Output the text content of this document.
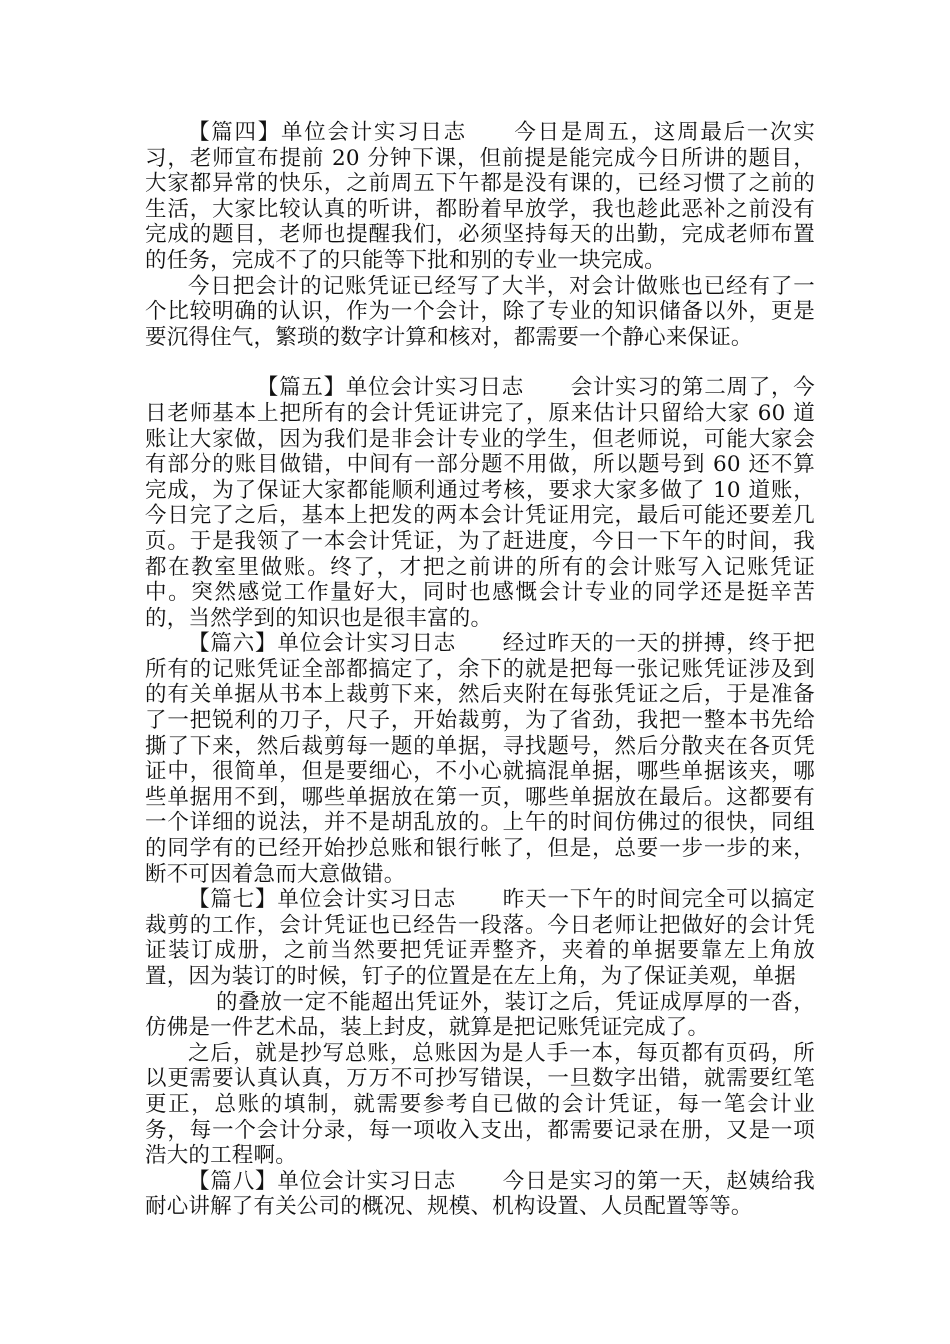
【篇四】单位会计实习日志 今日是周五，这周最后一次实习，老师宣布提前 20 分钟下课，但前提是能完成今日所讲的题目，大家都异常的快乐，之前周五下午都是没有课的，已经习惯了之前的生活，大家比较认真的听讲，都盼着早放学，我也趁此恶补之前没有完成的题目，老师也提醒我们，必须坚持每天的出勤，完成老师布置的任务，完成不了的只能等下批和别的专业一块完成。

今日把会计的记账凭证已经写了大半，对会计做账也已经有了一个比较明确的认识，作为一个会计，除了专业的知识储备以外，更是要沉得住气，繁琐的数字计算和核对，都需要一个静心来保证。

【篇五】单位会计实习日志 会计实习的第二周了，今日老师基本上把所有的会计凭证讲完了，原来估计只留给大家 60 道账让大家做，因为我们是非会计专业的学生，但老师说，可能大家会有部分的账目做错，中间有一部分题不用做，所以题号到 60 还不算完成，为了保证大家都能顺利通过考核，要求大家多做了 10 道账，今日完了之后，基本上把发的两本会计凭证用完，最后可能还要差几页。于是我领了一本会计凭证，为了赶进度，今日一下午的时间，我都在教室里做账。终了，才把之前讲的所有的会计账写入记账凭证中。突然感觉工作量好大，同时也感慨会计专业的同学还是挺辛苦的，当然学到的知识也是很丰富的。

【篇六】单位会计实习日志 经过昨天的一天的拼搏，终于把所有的记账凭证全部都搞定了，余下的就是把每一张记账凭证涉及到的有关单据从书本上裁剪下来，然后夹附在每张凭证之后，于是准备了一把锐利的刀子，尺子，开始裁剪，为了省劲，我把一整本书先给撕了下来，然后裁剪每一题的单据，寻找题号，然后分散夹在各页凭证中，很简单，但是要细心，不小心就搞混单据，哪些单据该夹，哪些单据用不到，哪些单据放在第一页，哪些单据放在最后。这都要有一个详细的说法，并不是胡乱放的。上午的时间仿佛过的很快，同组的同学有的已经开始抄总账和银行帐了，但是，总要一步一步的来，断不可因着急而大意做错。

【篇七】单位会计实习日志 昨天一下午的时间完全可以搞定裁剪的工作，会计凭证也已经告一段落。今日老师让把做好的会计凭证装订成册，之前当然要把凭证弄整齐，夹着的单据要靠左上角放置，因为装订的时候，钉子的位置是在左上角，为了保证美观，单据

的叠放一定不能超出凭证外，装订之后，凭证成厚厚的一沓，仿佛是一件艺术品，装上封皮，就算是把记账凭证完成了。

之后，就是抄写总账，总账因为是人手一本，每页都有页码，所以更需要认真认真，万万不可抄写错误，一旦数字出错，就需要红笔更正，总账的填制，就需要参考自已做的会计凭证，每一笔会计业务，每一个会计分录，每一项收入支出，都需要记录在册，又是一项浩大的工程啊。

【篇八】单位会计实习日志 今日是实习的第一天，赵姨给我耐心讲解了有关公司的概况、规模、机构设置、人员配置等等。
